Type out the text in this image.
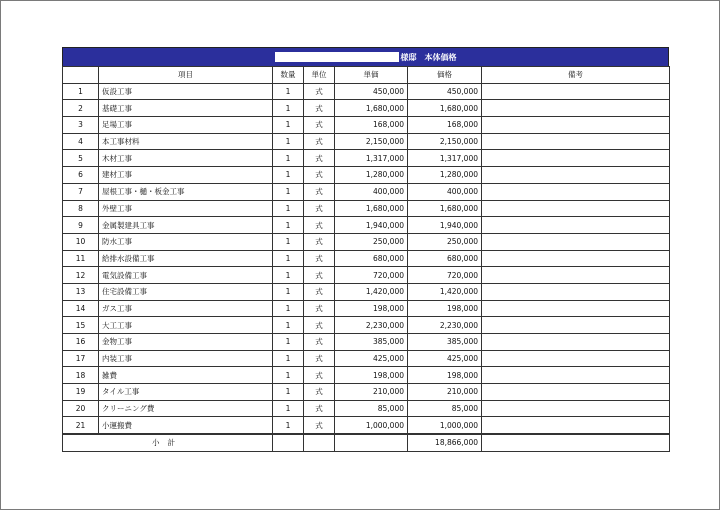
様邸　本体価格
	項目	数量	単位	単価	価格	備考
1	仮設工事	1	式	450,000	450,000	
2	基礎工事	1	式	1,680,000	1,680,000	
3	足場工事	1	式	168,000	168,000	
4	本工事材料	1	式	2,150,000	2,150,000	
5	木材工事	1	式	1,317,000	1,317,000	
6	建材工事	1	式	1,280,000	1,280,000	
7	屋根工事・樋・板金工事	1	式	400,000	400,000	
8	外壁工事	1	式	1,680,000	1,680,000	
9	金属製建具工事	1	式	1,940,000	1,940,000	
10	防水工事	1	式	250,000	250,000	
11	給排水設備工事	1	式	680,000	680,000	
12	電気設備工事	1	式	720,000	720,000	
13	住宅設備工事	1	式	1,420,000	1,420,000	
14	ガス工事	1	式	198,000	198,000	
15	大工工事	1	式	2,230,000	2,230,000	
16	金物工事	1	式	385,000	385,000	
17	内装工事	1	式	425,000	425,000	
18	雑費	1	式	198,000	198,000	
19	タイル工事	1	式	210,000	210,000	
20	クリーニング費	1	式	85,000	85,000	
21	小運搬費	1	式	1,000,000	1,000,000	
小計					18,866,000	
